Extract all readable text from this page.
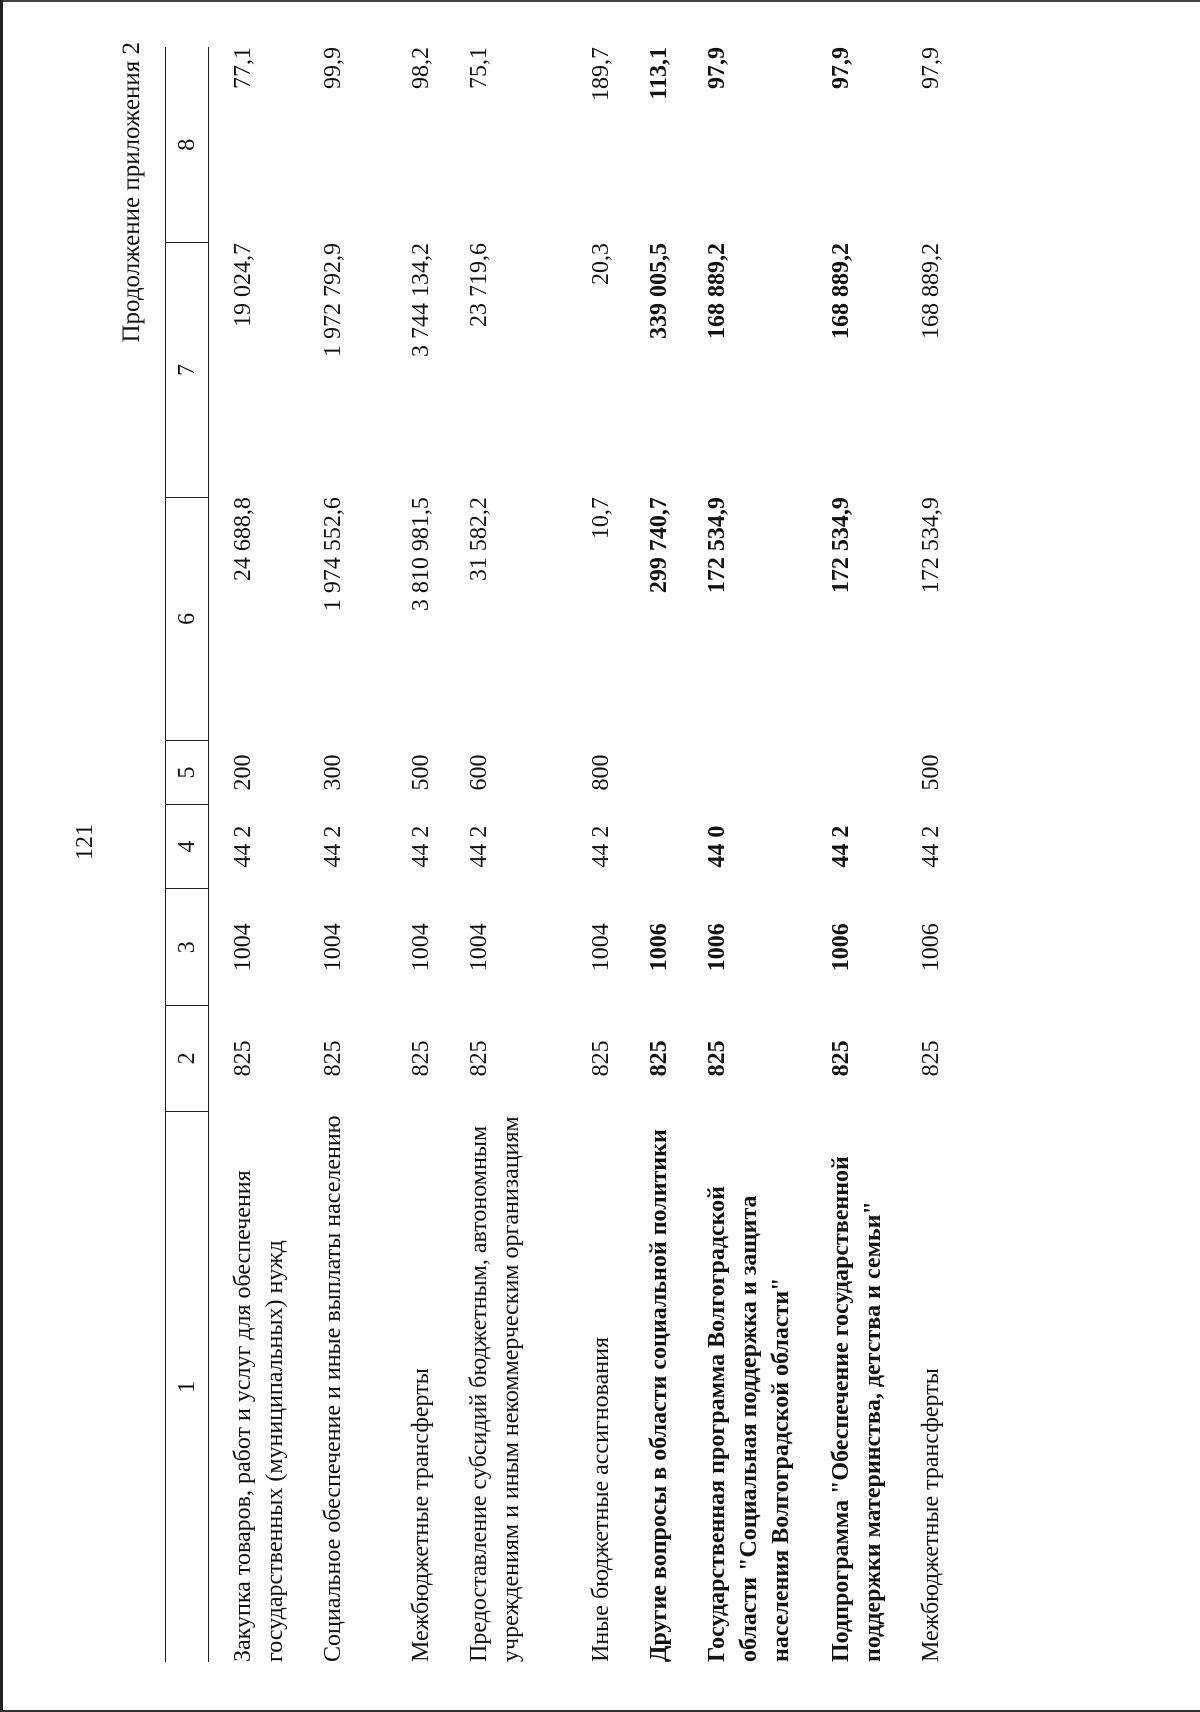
121
Продолжение приложения 2
1	2	3	4	5	6	7	8
Закупка товаров, работ и услуг для обеспечения государственных (муниципальных) нужд	825	1004	44 2	200	24 688,8	19 024,7	77,1
Социальное обеспечение и иные выплаты населению	825	1004	44 2	300	1 974 552,6	1 972 792,9	99,9
Межбюджетные трансферты	825	1004	44 2	500	3 810 981,5	3 744 134,2	98,2
Предоставление субсидий бюджетным, автономным учреждениям и иным некоммерческим организациям	825	1004	44 2	600	31 582,2	23 719,6	75,1
Иные бюджетные ассигнования	825	1004	44 2	800	10,7	20,3	189,7
Другие вопросы в области социальной политики	825	1006			299 740,7	339 005,5	113,1
Государственная программа Волгоградской области "Социальная поддержка и защита населения Волгоградской области"	825	1006	44 0		172 534,9	168 889,2	97,9
Подпрограмма "Обеспечение государственной поддержки материнства, детства и семьи"	825	1006	44 2		172 534,9	168 889,2	97,9
Межбюджетные трансферты	825	1006	44 2	500	172 534,9	168 889,2	97,9
